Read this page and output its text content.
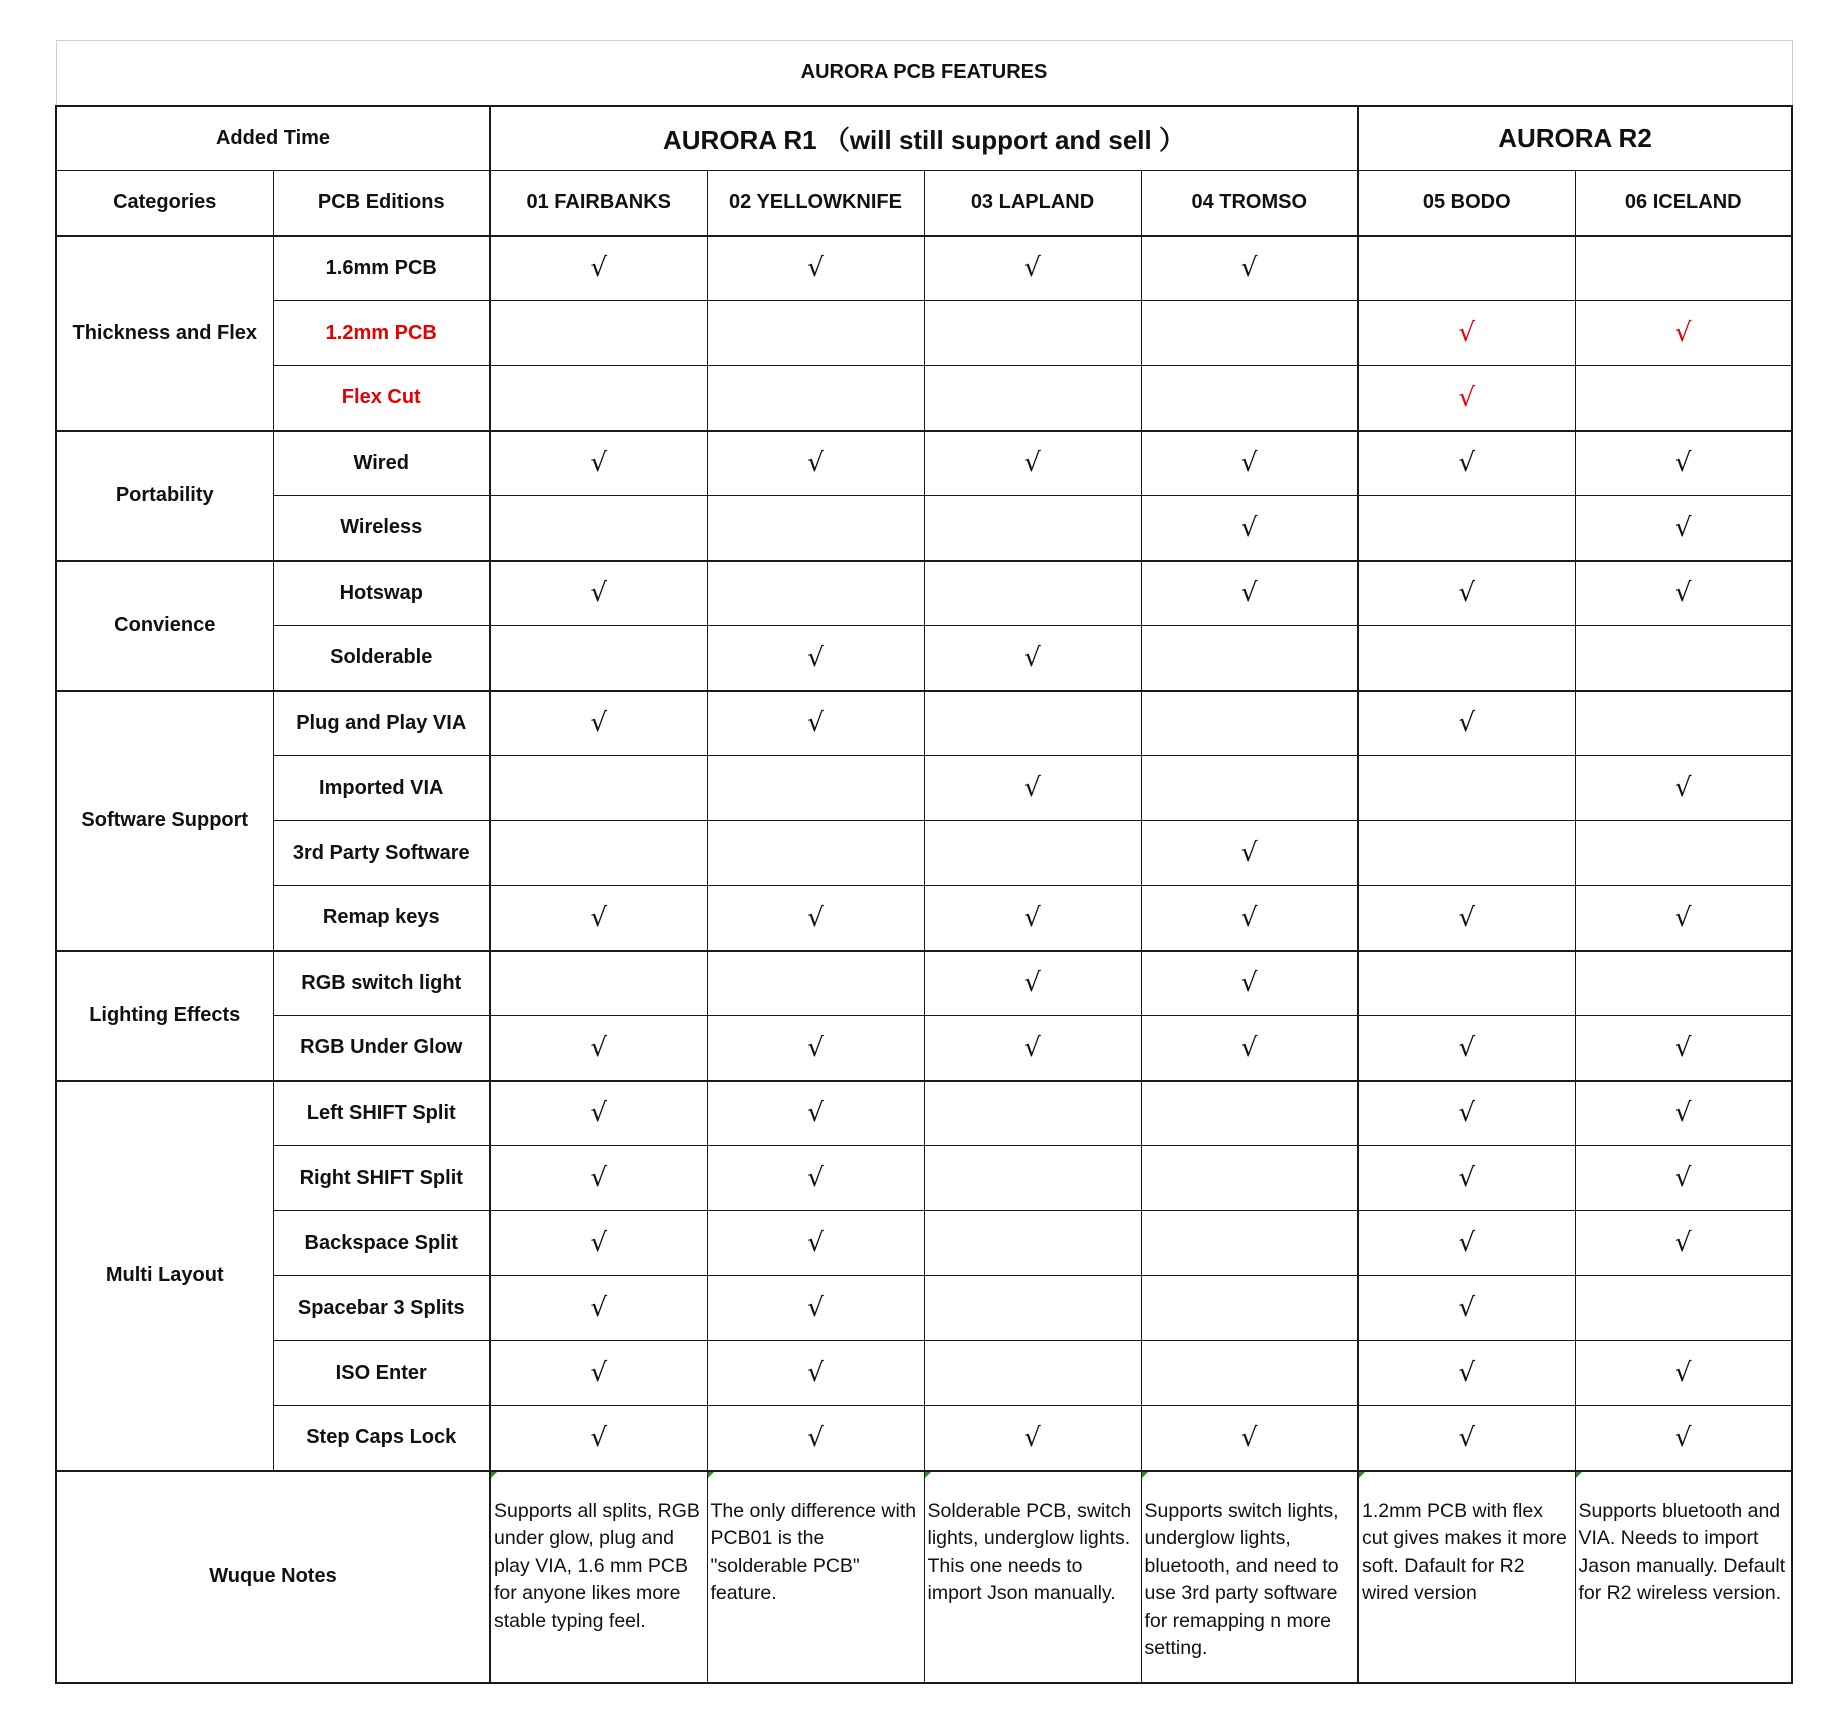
AURORA PCB FEATURES							
Added Time		AURORA R1 （will still support and sell ）				AURORA R2	
Categories	PCB Editions	01 FAIRBANKS	02 YELLOWKNIFE	03 LAPLAND	04 TROMSO	05 BODO	06 ICELAND
Thickness and Flex	1.6mm PCB	√	√	√	√		
	1.2mm PCB					√	√
	Flex Cut					√	
Portability	Wired	√	√	√	√	√	√
	Wireless				√		√
Convience	Hotswap	√			√	√	√
	Solderable		√	√			
Software Support	Plug and Play VIA	√	√			√	
	Imported VIA			√			√
	3rd Party Software				√		
	Remap keys	√	√	√	√	√	√
Lighting Effects	RGB switch light			√	√		
	RGB Under Glow	√	√	√	√	√	√
Multi Layout	Left SHIFT Split	√	√			√	√
	Right SHIFT Split	√	√			√	√
	Backspace Split	√	√			√	√
	Spacebar 3 Splits	√	√			√	
	ISO Enter	√	√			√	√
	Step Caps Lock	√	√	√	√	√	√
Wuque Notes		Supports all splits, RGB under glow, plug and play VIA, 1.6 mm PCB for anyone likes more stable typing feel.	The only difference with PCB01 is the "solderable PCB" feature.	Solderable PCB, switch lights, underglow lights. This one needs to import Json manually.	Supports switch lights, underglow lights, bluetooth, and need to use 3rd party software for remapping n more setting.	1.2mm PCB with flex cut gives makes it more soft. Dafault for R2 wired version	Supports bluetooth and VIA. Needs to import Jason manually. Default for R2 wireless version.
